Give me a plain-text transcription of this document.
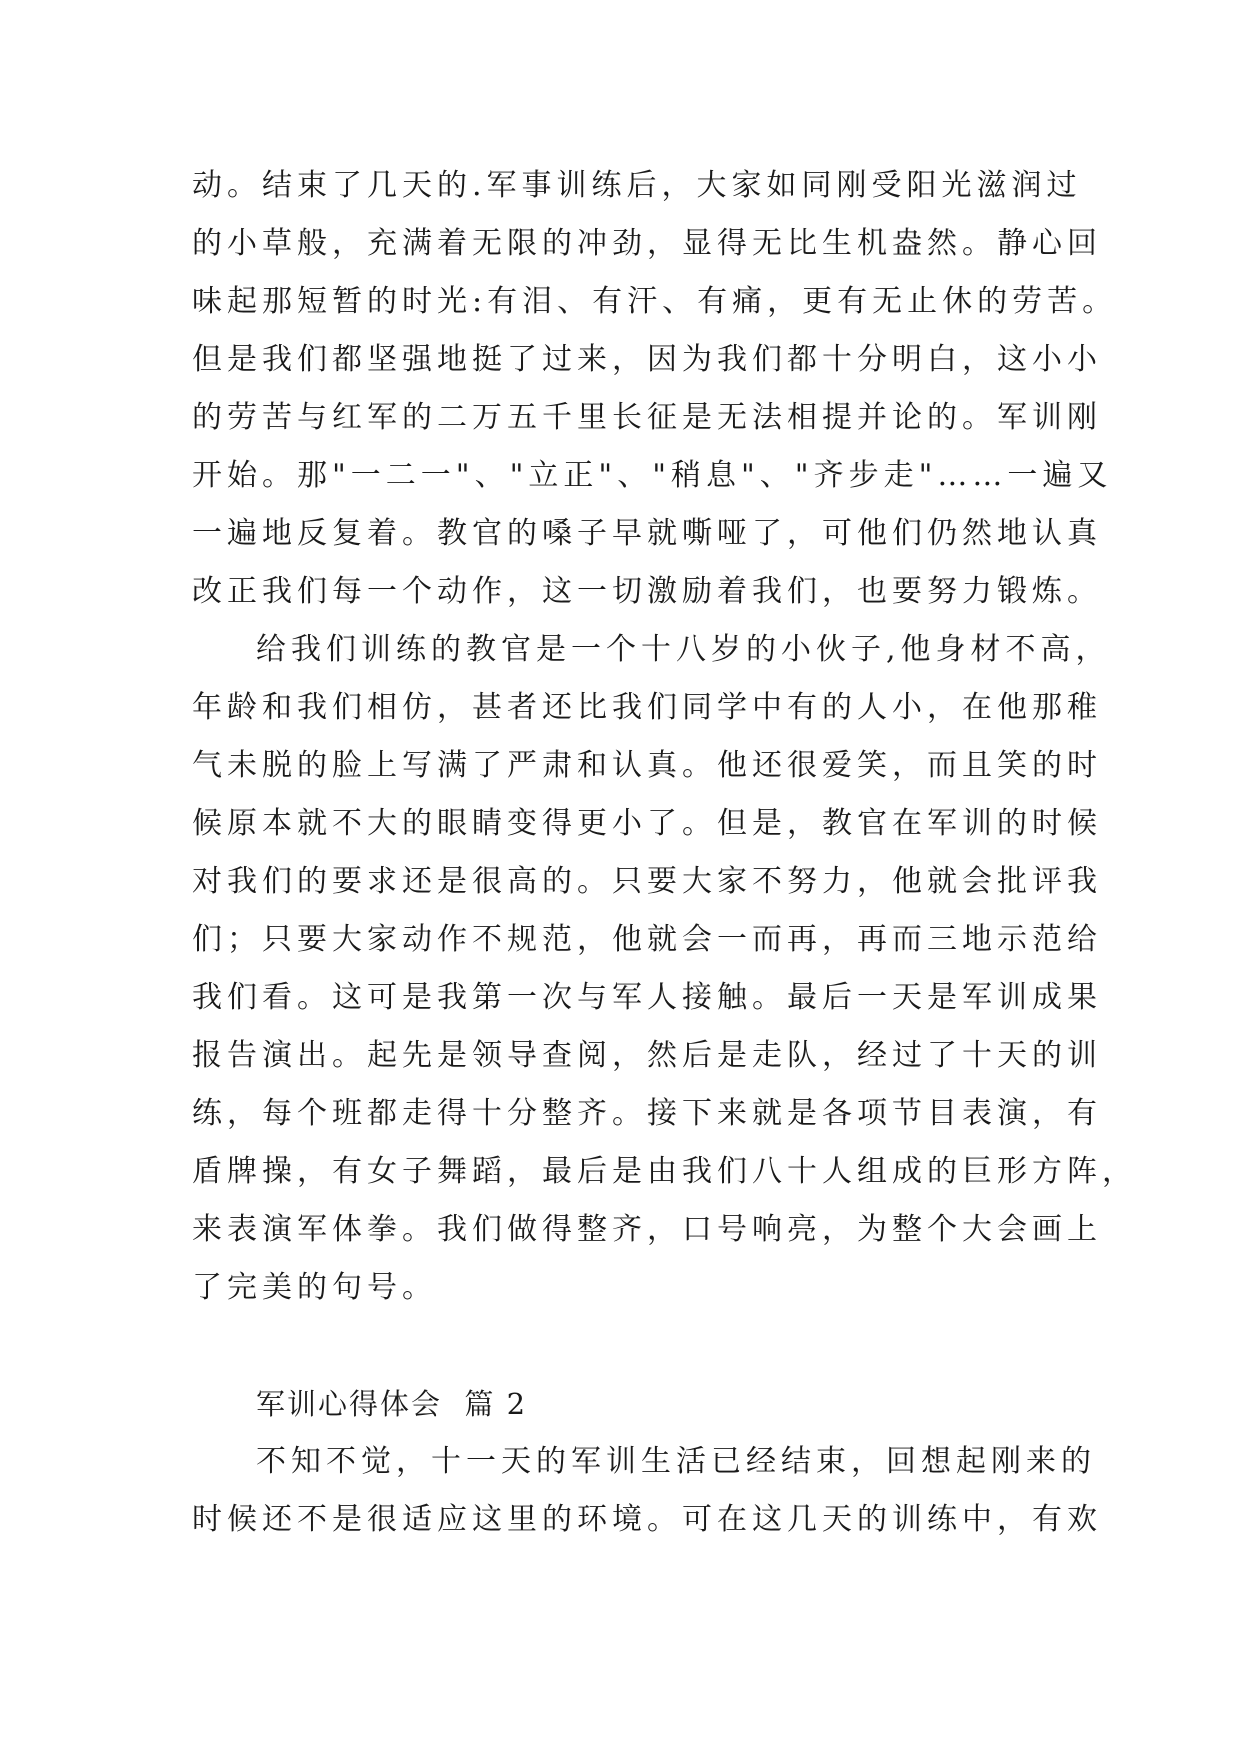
动。结束了几天的.军事训练后，大家如同刚受阳光滋润过
的小草般，充满着无限的冲劲，显得无比生机盎然。静心回
味起那短暂的时光:有泪、有汗、有痛，更有无止休的劳苦。
但是我们都坚强地挺了过来，因为我们都十分明白，这小小
的劳苦与红军的二万五千里长征是无法相提并论的。军训刚
开始。那"一二一"、"立正"、"稍息"、"齐步走"……一遍又
一遍地反复着。教官的嗓子早就嘶哑了，可他们仍然地认真
改正我们每一个动作，这一切激励着我们，也要努力锻炼。
给我们训练的教官是一个十八岁的小伙子,他身材不高，
年龄和我们相仿，甚者还比我们同学中有的人小，在他那稚
气未脱的脸上写满了严肃和认真。他还很爱笑，而且笑的时
候原本就不大的眼睛变得更小了。但是，教官在军训的时候
对我们的要求还是很高的。只要大家不努力，他就会批评我
们；只要大家动作不规范，他就会一而再，再而三地示范给
我们看。这可是我第一次与军人接触。最后一天是军训成果
报告演出。起先是领导查阅，然后是走队，经过了十天的训
练，每个班都走得十分整齐。接下来就是各项节目表演，有
盾牌操，有女子舞蹈，最后是由我们八十人组成的巨形方阵，
来表演军体拳。我们做得整齐，口号响亮，为整个大会画上
了完美的句号。
军训心得体会  篇 2
不知不觉，十一天的军训生活已经结束，回想起刚来的
时候还不是很适应这里的环境。可在这几天的训练中，有欢
